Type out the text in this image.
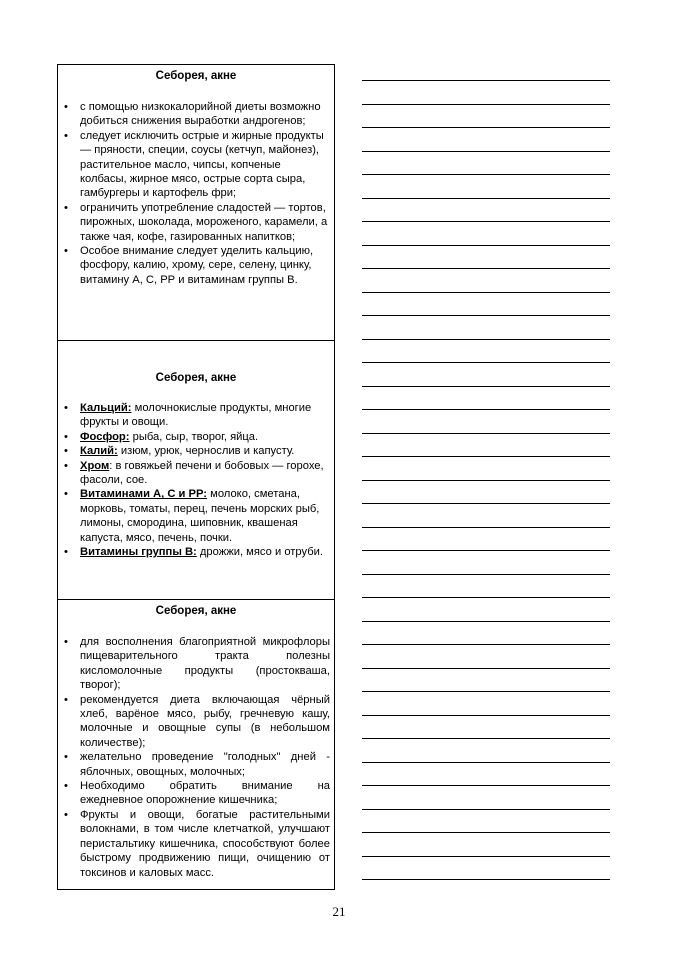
Себорея, акне
• с помощью низкокалорийной диеты возможно добиться снижения выработки андрогенов;
• следует исключить острые и жирные продукты — пряности, специи, соусы (кетчуп, майонез), растительное масло, чипсы, копченые колбасы, жирное мясо, острые сорта сыра, гамбургеры и картофель фри;
• ограничить употребление сладостей — тортов, пирожных, шоколада, мороженого, карамели, а также чая, кофе, газированных напитков;
• Особое внимание следует уделить кальцию, фосфору, калию, хрому, сере, селену, цинку, витамину А, С, РР и витаминам группы В.
Себорея, акне
• Кальций: молочнокислые продукты, многие фрукты и овощи.
• Фосфор: рыба, сыр, творог, яйца.
• Калий: изюм, урюк, чернослив и капусту.
• Хром: в говяжьей печени и бобовых — горохе, фасоли, сое.
• Витаминами А, С и РР: молоко, сметана, морковь, томаты, перец, печень морских рыб, лимоны, смородина, шиповник, квашеная капуста, мясо, печень, почки.
• Витамины группы В: дрожжи, мясо и отруби.
Себорея, акне
• для восполнения благоприятной микрофлоры пищеварительного тракта полезны кисломолочные продукты (простокваша, творог);
• рекомендуется диета включающая чёрный хлеб, варёное мясо, рыбу, гречневую кашу, молочные и овощные супы (в небольшом количестве);
• желательно проведение "голодных" дней - яблочных, овощных, молочных;
• Необходимо обратить внимание на ежедневное опорожнение кишечника;
• Фрукты и овощи, богатые растительными волокнами, в том числе клетчаткой, улучшают перистальтику кишечника, способствуют более быстрому продвижению пищи, очищению от токсинов и каловых масс.
21
